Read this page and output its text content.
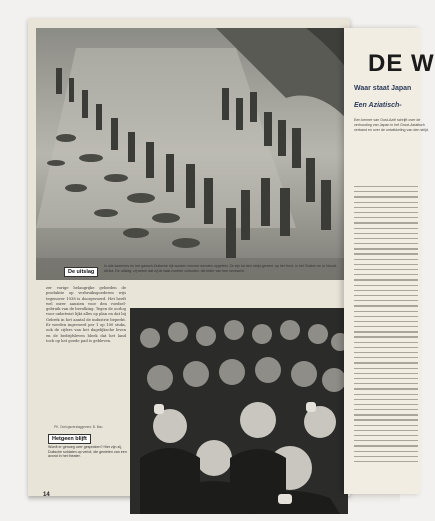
De uitslag
In alle kazernes en het gansch-Duitsche rijk worden nieuwe recruten opgeleid. Ze zijn tot den strijd gereed, op het front, in het Oosten en in Noord-Afrika. De uitslag: zij weten dat zij de taak moeten voltooien, die ieder van hen verwacht.
zer vorige belangrijke gebieden de produktie op verbruiksgoederen wijs tegenover 1938 is doorgevoerd. Het heeft wel meer aanzien voor den voedsel-gebruik van de bevolking. Tegen de oorlog voor onbetwist lijkt alles op plan en dat bij Gebrek in het aantal de industrie beperkt. Er werden ingevoerd per 1 op 100 stuks, ook de cijfers van het dagelijksche leven en de bedrijfsleven bleek dat het land toch op het goede pad is gebleven.
PK. Oorlogsverslaggevers: B. Bau
Hetgeen blijft
Wordt er genoeg over gesproken? Hier zijn zij, Duitsche soldaten op verlof, die genieten van een avond in het theater.
14
DE W
Waar staat Japan
Een Aziatisch-
Een kenner van Oost-Azië schrijft over de verhouding van Japan in het Groot-Aziatisch verband en over de ontwikkeling van den strijd.
